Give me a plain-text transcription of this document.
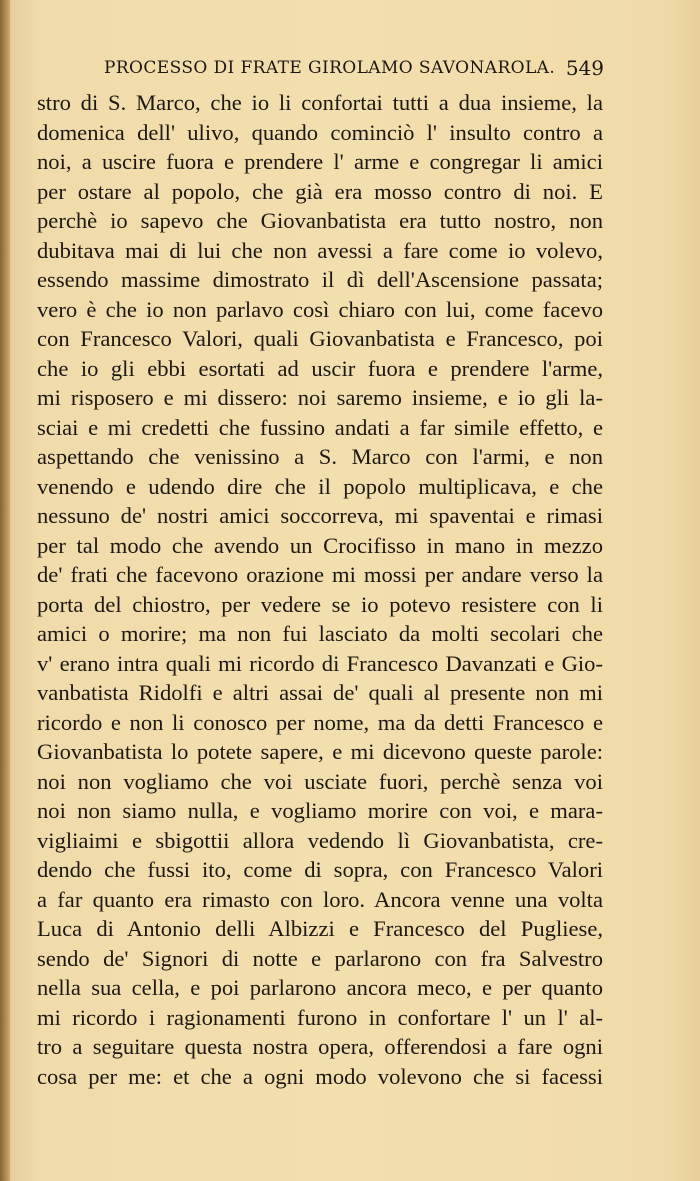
PROCESSO DI FRATE GIROLAMO SAVONAROLA. 549
stro di S. Marco, che io li confortai tutti a dua insieme, la
domenica dell' ulivo, quando cominciò l' insulto contro a
noi, a uscire fuora e prendere l' arme e congregar li amici
per ostare al popolo, che già era mosso contro di noi. E
perchè io sapevo che Giovanbatista era tutto nostro, non
dubitava mai di lui che non avessi a fare come io volevo,
essendo massime dimostrato il dì dell'Ascensione passata;
vero è che io non parlavo così chiaro con lui, come facevo
con Francesco Valori, quali Giovanbatista e Francesco, poi
che io gli ebbi esortati ad uscir fuora e prendere l'arme,
mi risposero e mi dissero: noi saremo insieme, e io gli la-
sciai e mi credetti che fussino andati a far simile effetto, e
aspettando che venissino a S. Marco con l'armi, e non
venendo e udendo dire che il popolo multiplicava, e che
nessuno de' nostri amici soccorreva, mi spaventai e rimasi
per tal modo che avendo un Crocifisso in mano in mezzo
de' frati che facevono orazione mi mossi per andare verso la
porta del chiostro, per vedere se io potevo resistere con li
amici o morire; ma non fui lasciato da molti secolari che
v' erano intra quali mi ricordo di Francesco Davanzati e Gio-
vanbatista Ridolfi e altri assai de' quali al presente non mi
ricordo e non li conosco per nome, ma da detti Francesco e
Giovanbatista lo potete sapere, e mi dicevono queste parole:
noi non vogliamo che voi usciate fuori, perchè senza voi
noi non siamo nulla, e vogliamo morire con voi, e mara-
vigliaimi e sbigottii allora vedendo lì Giovanbatista, cre-
dendo che fussi ito, come di sopra, con Francesco Valori
a far quanto era rimasto con loro. Ancora venne una volta
Luca di Antonio delli Albizzi e Francesco del Pugliese,
sendo de' Signori di notte e parlarono con fra Salvestro
nella sua cella, e poi parlarono ancora meco, e per quanto
mi ricordo i ragionamenti furono in confortare l' un l' al-
tro a seguitare questa nostra opera, offerendosi a fare ogni
cosa per me: et che a ogni modo volevono che si facessi
